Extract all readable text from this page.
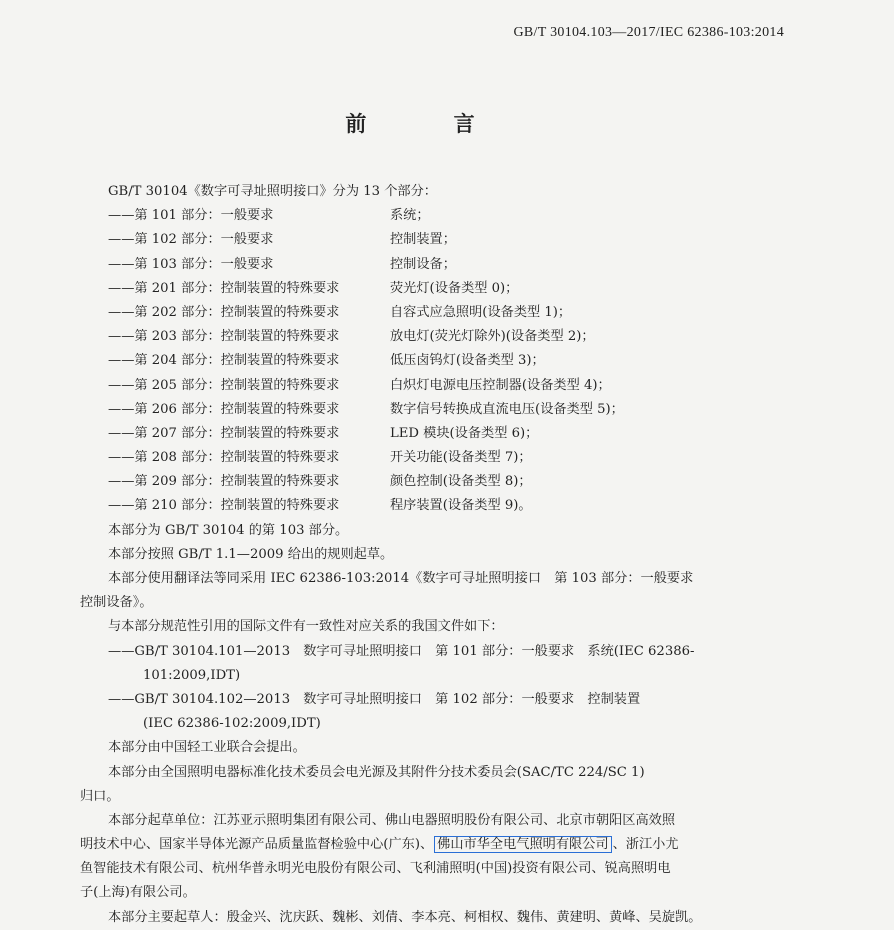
GB/T 30104.103—2017/IEC 62386-103:2014
前 言
GB/T 30104《数字可寻址照明接口》分为 13 个部分：
——第 101 部分：一般要求	系统；
——第 102 部分：一般要求	控制装置；
——第 103 部分：一般要求	控制设备；
——第 201 部分：控制装置的特殊要求	荧光灯(设备类型 0)；
——第 202 部分：控制装置的特殊要求	自容式应急照明(设备类型 1)；
——第 203 部分：控制装置的特殊要求	放电灯(荧光灯除外)(设备类型 2)；
——第 204 部分：控制装置的特殊要求	低压卤钨灯(设备类型 3)；
——第 205 部分：控制装置的特殊要求	白炽灯电源电压控制器(设备类型 4)；
——第 206 部分：控制装置的特殊要求	数字信号转换成直流电压(设备类型 5)；
——第 207 部分：控制装置的特殊要求	LED 模块(设备类型 6)；
——第 208 部分：控制装置的特殊要求	开关功能(设备类型 7)；
——第 209 部分：控制装置的特殊要求	颜色控制(设备类型 8)；
——第 210 部分：控制装置的特殊要求	程序装置(设备类型 9)。
本部分为 GB/T 30104 的第 103 部分。
本部分按照 GB/T 1.1—2009 给出的规则起草。
本部分使用翻译法等同采用 IEC 62386-103:2014《数字可寻址照明接口　第 103 部分：一般要求
控制设备》。
与本部分规范性引用的国际文件有一致性对应关系的我国文件如下：
——GB/T 30104.101—2013　数字可寻址照明接口　第 101 部分：一般要求　系统(IEC 62386-
101:2009,IDT)
——GB/T 30104.102—2013　数字可寻址照明接口　第 102 部分：一般要求　控制装置
(IEC 62386-102:2009,IDT)
本部分由中国轻工业联合会提出。
本部分由全国照明电器标准化技术委员会电光源及其附件分技术委员会(SAC/TC 224/SC 1)
归口。
本部分起草单位：江苏亚示照明集团有限公司、佛山电器照明股份有限公司、北京市朝阳区高效照
明技术中心、国家半导体光源产品质量监督检验中心(广东)、 佛山市华全电气照明有限公司 、浙江小尤
鱼智能技术有限公司、杭州华普永明光电股份有限公司、飞利浦照明(中国)投资有限公司、锐高照明电
子(上海)有限公司。
本部分主要起草人：殷金兴、沈庆跃、魏彬、刘倩、李本亮、柯相权、魏伟、黄建明、黄峰、吴旋凯。
